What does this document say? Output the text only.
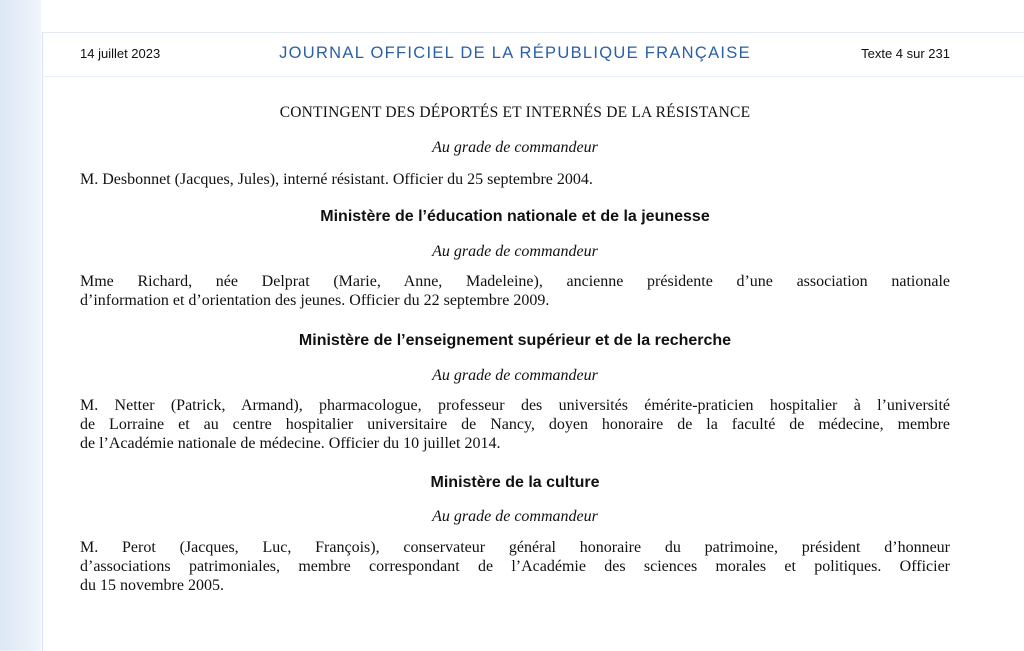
14 juillet 2023	JOURNAL OFFICIEL DE LA RÉPUBLIQUE FRANÇAISE	Texte 4 sur 231
CONTINGENT DES DÉPORTÉS ET INTERNÉS DE LA RÉSISTANCE
Au grade de commandeur
M. Desbonnet (Jacques, Jules), interné résistant. Officier du 25 septembre 2004.
Ministère de l’éducation nationale et de la jeunesse
Au grade de commandeur
Mme Richard, née Delprat (Marie, Anne, Madeleine), ancienne présidente d’une association nationale
d’information et d’orientation des jeunes. Officier du 22 septembre 2009.
Ministère de l’enseignement supérieur et de la recherche
Au grade de commandeur
M. Netter (Patrick, Armand), pharmacologue, professeur des universités émérite-praticien hospitalier à l’université
de Lorraine et au centre hospitalier universitaire de Nancy, doyen honoraire de la faculté de médecine, membre
de l’Académie nationale de médecine. Officier du 10 juillet 2014.
Ministère de la culture
Au grade de commandeur
M. Perot (Jacques, Luc, François), conservateur général honoraire du patrimoine, président d’honneur
d’associations patrimoniales, membre correspondant de l’Académie des sciences morales et politiques. Officier
du 15 novembre 2005.
